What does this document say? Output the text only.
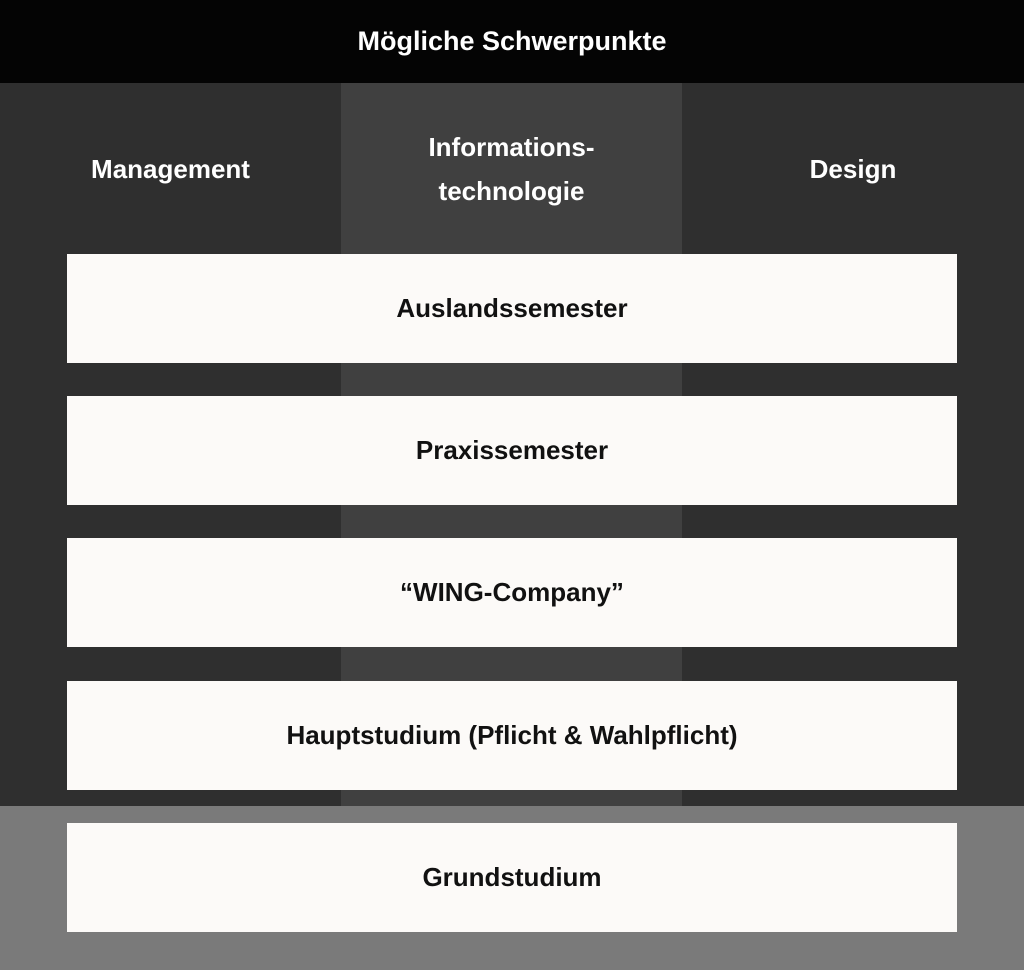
Management
Informations-
technologie
Design
Mögliche Schwerpunkte
Auslandssemester
Praxissemester
“WING-Company”
Hauptstudium (Pflicht & Wahlpflicht)
Grundstudium
